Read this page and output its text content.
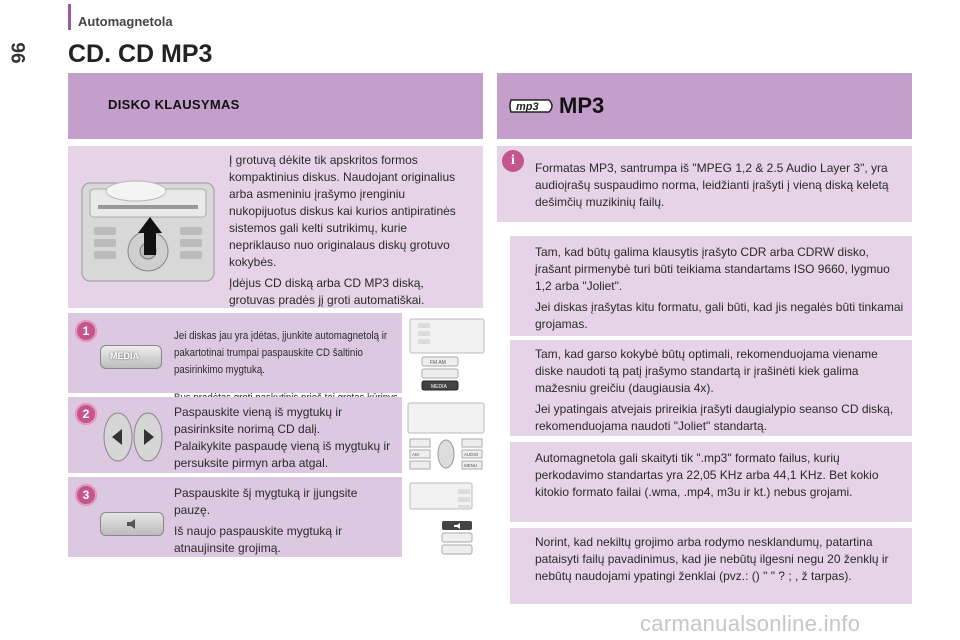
Automagnetola
96 CD. CD MP3
DISKO KLAUSYMAS

Į grotuvą dėkite tik apskritos formos kompaktinius diskus. Naudojant originalius arba asmeniniu įrašymo įrenginiu nukopijuotus diskus kai kurios antipiratinės sistemos gali kelti sutrikimų, kurie nepriklauso nuo originalaus diskų grotuvo kokybės.

Įdėjus CD diską arba CD MP3 diską, grotuvas pradės jį groti automatiškai.

1
MEDIA

Jei diskas jau yra įdėtas, įjunkite automagnetolą ir pakartotinai trumpai paspauskite CD šaltinio pasirinkimo mygtuką.

FM AM
MEDIA
2	Paspauskite vieną iš mygtukų ir pasirinksite norimą CD dalį.

Palaikykite paspaudę vieną iš mygtukų ir persuksite pirmyn arba atgal.

AM	AUDIO
MENU
3	Paspauskite šį mygtuką ir įjungsite pauzę.

Iš naujo paspauskite mygtuką ir atnaujinsite grojimą.

mp3 MP3
i	Formatas MP3, santrumpa iš "MPEG 1,2 & 2.5 Audio Layer 3", yra audioįrašų suspaudimo norma, leidžianti įrašyti į vieną diską keletą dešimčių muzikinių failų.

Tam, kad būtų galima klausytis įrašyto CDR arba CDRW disko, įrašant pirmenybė turi būti teikiama standartams ISO 9660, lygmuo 1,2 arba "Joliet".

Jei diskas įrašytas kitu formatu, gali būti, kad jis negalės būti tinkamai grojamas.

Tam, kad garso kokybė būtų optimali, rekomenduojama viename diske naudoti tą patį įrašymo standartą ir įrašinėti kiek galima mažesniu greičiu (daugiausia 4x).

Jei ypatingais atvejais prireikia įrašyti daugialypio seanso CD diską, rekomenduojama naudoti "Joliet" standartą.

Automagnetola gali skaityti tik ".mp3" formato failus, kurių perkodavimo standartas yra 22,05 KHz arba 44,1 KHz. Bet kokio kitokio formato failai (.wma, .mp4, m3u ir kt.) nebus grojami.
Norint, kad nekiltų grojimo arba rodymo nesklandumų, patartina pataisyti failų pavadinimus, kad jie nebūtų ilgesni negu 20 ženklų ir nebūtų naudojami ypatingi ženklai (pvz.: () " " ? ; , ž tarpas).
carmanualsonline.info
